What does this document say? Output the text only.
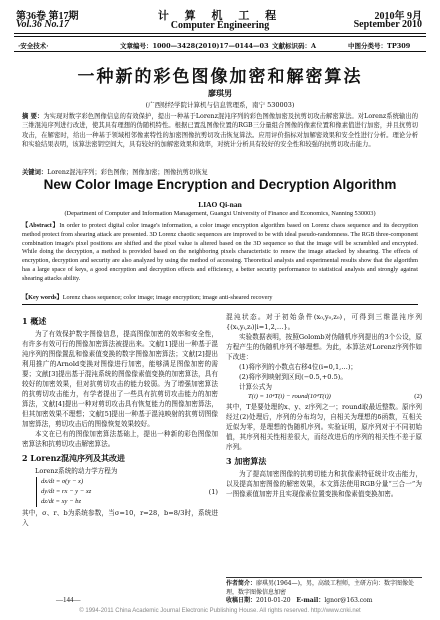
第36卷 第17期
Vol.36 No.17
计 算 机 工 程
Computer Engineering
2010年 9月
September 2010
·安全技术·	文章编号：1000—3428(2010)17—0144—03 文献标识码：A	中图分类号：TP309
一种新的彩色图像加密和解密算法
廖琪男
(广西财经学院计算机与信息管理系，南宁 530003)
摘 要：为实现对数字彩色图像信息的有效保护，提出一种基于Lorenz混沌序列的彩色图像加密及抗剪切攻击解密算法。对Lorenz系统输出的三维混沌序列进行改进，使其具有理想的伪随机特性。根据已置乱图像位置的RGB三分量组合图像的像素位置和像素值进行加密，并且抗剪切攻击，在解密时，给出一种基于领域相邻像素特性的加密图像抗剪切攻击恢复算法。应用评价指标对加解密效果和安全性进行分析。理论分析和实验结果表明，该算法密钥空间大，具有较好的加解密效果和效率，对统计分析具有较好的安全性和较强的抗剪切攻击能力。
关键词：Lorenz混沌序列；彩色图像；图像加密；图像抗剪切恢复
New Color Image Encryption and Decryption Algorithm
LIAO Qi-nan
(Department of Computer and Information Management, Guangxi University of Finance and Economics, Nanning 530003)
【Abstract】In order to protect digital color image's information, a color image encryption algorithm based on Lorenz chaos sequence and its decryption method protect from shearing attack are presented. 3D Lorenz chaotic sequences are improved to be with ideal pseudo-randomness. The RGB three-component combination image's pixel positions are shifted and the pixel value is altered based on the 3D sequence so that the image will be scrambled and encrypted. While doing the decryption, a method is provided based on the neighboring pixels characteristic to renew the image attacked by shearing. The effects of encryption, decryption and security are also analyzed by using the method of accessing. Theoretical analysis and experimental results show that the algorithm has a large space of keys, a good encryption and decryption effects and efficiency, a better security performance to statistical analysis and strongly against shearing attacks ability.
【Key words】Lorenz chaos sequence; color image; image encryption; image anti-sheared recovery
1 概述

为了有效保护数字图像信息，提高图像加密的效率和安全性，有许多有效可行的图像加密算法被提出来。文献[1]提出一种基于混沌序列的图像置乱和像素值变换的数字图像加密算法；文献[2]提出利用推广的Arnold变换对图像进行加密，能够满足图像加密的需要；文献[3]提出基于混沌系统的图像像素值变换的加密算法，具有较好的加密效果，但对抗剪切攻击的能力较弱。为了增强加密算法的抗剪切攻击能力，有学者提出了一些具有抗剪切攻击能力的加密算法，文献[4]提出一种对剪切攻击具有恢复能力的图像加密算法，但其加密效果不理想；文献[5]提出一种基于混沌映射的抗剪切图像加密算法，剪切攻击后的图像恢复效果较好。

本文在已有的图像加密算法基础上，提出一种新的彩色图像加密算法和抗剪切攻击解密算法。

2 Lorenz混沌序列及其改进

Lorenz系统的动力学方程为

dx/dt = σ(y − x)
dy/dt = rx − y − xz
dz/dt = xy − bz
(1)

其中，σ、r、b为系统参数，当σ=10，r=28，b=8/3时，系统进入

混沌状态。对于初始条件(x₀,y₀,z₀)，可得到三维混沌序列{(xᵢ,yᵢ,zᵢ)|i=1,2,…}。

实验数据表明，按照Golomb对伪随机序列提出的3个公设，原方程产生的伪随机序列不够理想。为此，本算法对Lorenz序列作如下改进：

(1)将序列的小数点右移4位(i=0,1,…)；

(2)将序列映射到区间(−0.5,+0.5)。

计算公式为

T(i) = 10⁴T(i) − round(10⁴T(i))	(2)

其中，T是要处理的x、y、z序列之一；round取最近整数。原序列经过(2)处理后，序列的分布均匀，自相关为理想的δ函数，互相关近似为零，是理想的伪随机序列。实验证明，原序列对于不同初始值，其序列相关性相差很大，而经改进后的序列的相关性不差于原序列。

3 加密算法

为了提高加密图像的抗剪切能力和抗像素特征统计攻击能力，以及提高加密图像的解密效果，本文算法使用RGB分量“三合一”为一图像素值加密并且实现像素位置变换和像素值变换加密。

作者简介：廖琪男(1964—)，男，高级工程师，主研方向：数字图像处理，数字图像信息加密
收稿日期：2010-01-20 E-mail：lgnor@163.com
—144—
© 1994-2011 China Academic Journal Electronic Publishing House. All rights reserved. http://www.cnki.net
